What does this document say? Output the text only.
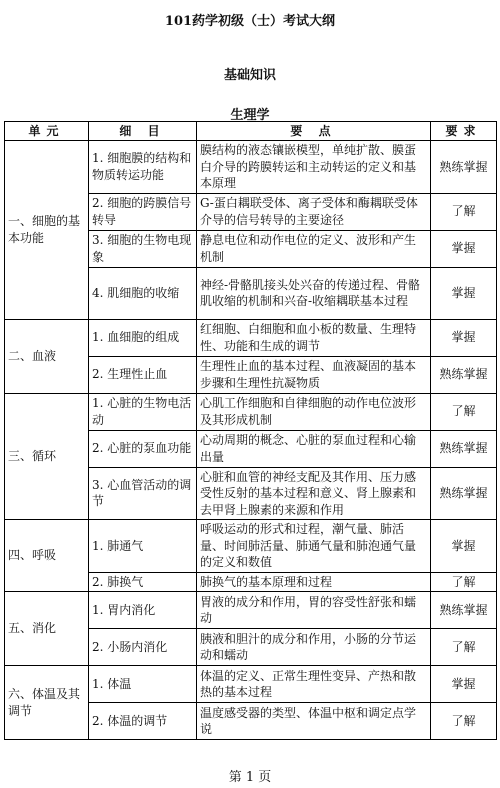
101药学初级（士）考试大纲
基础知识
生理学
单元	细 目	要 点	要求
一、细胞的基本功能	1. 细胞膜的结构和物质转运功能	膜结构的液态镶嵌模型，单纯扩散、膜蛋白介导的跨膜转运和主动转运的定义和基本原理	熟练掌握
	2. 细胞的跨膜信号转导	G-蛋白耦联受体、离子受体和酶耦联受体介导的信号转导的主要途径	了解
	3. 细胞的生物电现象	静息电位和动作电位的定义、波形和产生机制	掌握
	4. 肌细胞的收缩	神经-骨骼肌接头处兴奋的传递过程、骨骼肌收缩的机制和兴奋-收缩耦联基本过程	掌握
二、血液	1. 血细胞的组成	红细胞、白细胞和血小板的数量、生理特性、功能和生成的调节	掌握
	2. 生理性止血	生理性止血的基本过程、血液凝固的基本步骤和生理性抗凝物质	熟练掌握
三、循环	1. 心脏的生物电活动	心肌工作细胞和自律细胞的动作电位波形及其形成机制	了解
	2. 心脏的泵血功能	心动周期的概念、心脏的泵血过程和心输出量	熟练掌握
	3. 心血管活动的调节	心脏和血管的神经支配及其作用、压力感受性反射的基本过程和意义、肾上腺素和去甲肾上腺素的来源和作用	熟练掌握
四、呼吸	1. 肺通气	呼吸运动的形式和过程，潮气量、肺活量、时间肺活量、肺通气量和肺泡通气量的定义和数值	掌握
	2. 肺换气	肺换气的基本原理和过程	了解
五、消化	1. 胃内消化	胃液的成分和作用，胃的容受性舒张和蠕动	熟练掌握
	2. 小肠内消化	胰液和胆汁的成分和作用，小肠的分节运动和蠕动	了解
六、体温及其调节	1. 体温	体温的定义、正常生理性变异、产热和散热的基本过程	掌握
	2. 体温的调节	温度感受器的类型、体温中枢和调定点学说	了解
第 1 页
